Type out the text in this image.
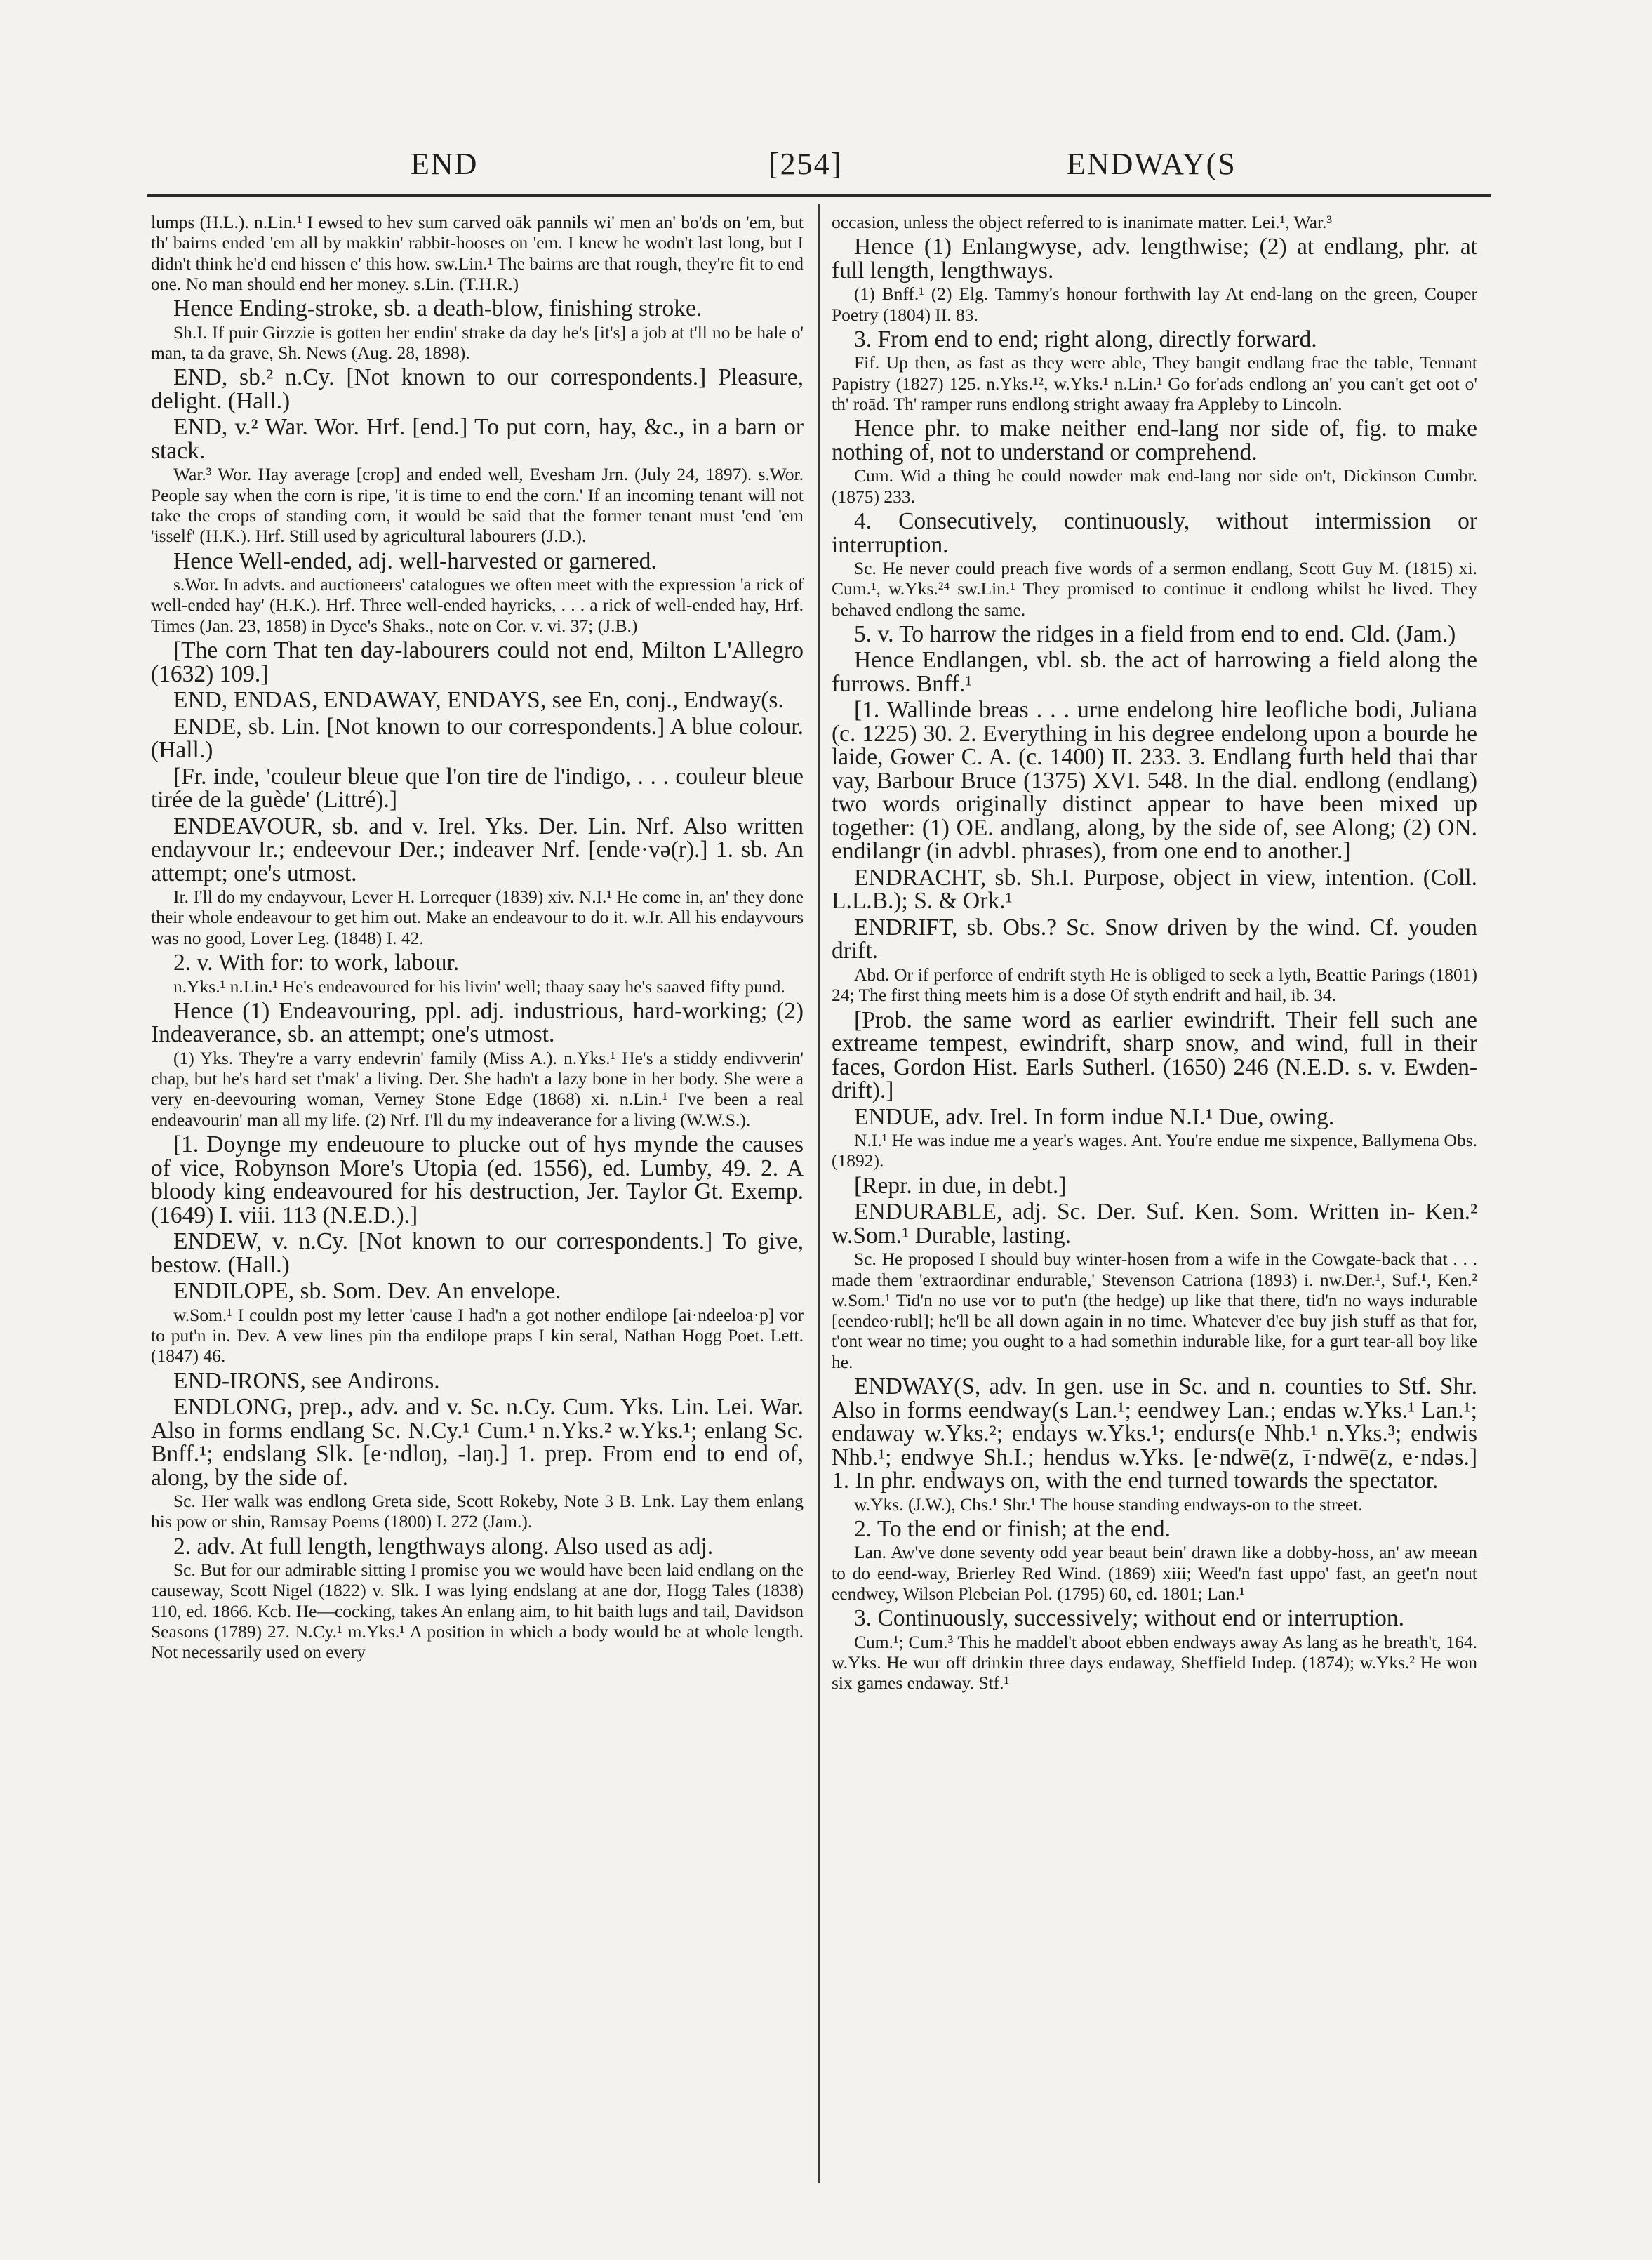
END	[254]	ENDWAY(S

lumps (H.L.). n.Lin.¹ I ewsed to hev sum carved oāk pannils wi' men an' bo'ds on 'em, but th' bairns ended 'em all by makkin' rabbit-hooses on 'em. I knew he wodn't last long, but I didn't think he'd end hissen e' this how. sw.Lin.¹ The bairns are that rough, they're fit to end one. No man should end her money. s.Lin. (T.H.R.)

Hence Ending-stroke, sb. a death-blow, finishing stroke.

Sh.I. If puir Girzzie is gotten her endin' strake da day he's [it's] a job at t'll no be hale o' man, ta da grave, Sh. News (Aug. 28, 1898).

END, sb.² n.Cy. [Not known to our correspondents.] Pleasure, delight. (Hall.)

END, v.² War. Wor. Hrf. [end.] To put corn, hay, &c., in a barn or stack.

War.³ Wor. Hay average [crop] and ended well, Evesham Jrn. (July 24, 1897). s.Wor. People say when the corn is ripe, 'it is time to end the corn.' If an incoming tenant will not take the crops of standing corn, it would be said that the former tenant must 'end 'em 'isself' (H.K.). Hrf. Still used by agricultural labourers (J.D.).

Hence Well-ended, adj. well-harvested or garnered.

s.Wor. In advts. and auctioneers' catalogues we often meet with the expression 'a rick of well-ended hay' (H.K.). Hrf. Three well-ended hayricks, . . . a rick of well-ended hay, Hrf. Times (Jan. 23, 1858) in Dyce's Shaks., note on Cor. v. vi. 37; (J.B.)

[The corn That ten day-labourers could not end, Milton L'Allegro (1632) 109.]

END, ENDAS, ENDAWAY, ENDAYS, see En, conj., Endway(s.

ENDE, sb. Lin. [Not known to our correspondents.] A blue colour. (Hall.)

[Fr. inde, 'couleur bleue que l'on tire de l'indigo, . . . couleur bleue tirée de la guède' (Littré).]

ENDEAVOUR, sb. and v. Irel. Yks. Der. Lin. Nrf. Also written endayvour Ir.; endeevour Der.; indeaver Nrf. [ende·və(r).] 1. sb. An attempt; one's utmost.

Ir. I'll do my endayvour, Lever H. Lorrequer (1839) xiv. N.I.¹ He come in, an' they done their whole endeavour to get him out. Make an endeavour to do it. w.Ir. All his endayvours was no good, Lover Leg. (1848) I. 42.

2. v. With for: to work, labour.

n.Yks.¹ n.Lin.¹ He's endeavoured for his livin' well; thaay saay he's saaved fifty pund.

Hence (1) Endeavouring, ppl. adj. industrious, hard-working; (2) Indeaverance, sb. an attempt; one's utmost.

(1) Yks. They're a varry endevrin' family (Miss A.). n.Yks.¹ He's a stiddy endivverin' chap, but he's hard set t'mak' a living. Der. She hadn't a lazy bone in her body. She were a very en-deevouring woman, Verney Stone Edge (1868) xi. n.Lin.¹ I've been a real endeavourin' man all my life. (2) Nrf. I'll du my indeaverance for a living (W.W.S.).

[1. Doynge my endeuoure to plucke out of hys mynde the causes of vice, Robynson More's Utopia (ed. 1556), ed. Lumby, 49. 2. A bloody king endeavoured for his destruction, Jer. Taylor Gt. Exemp. (1649) I. viii. 113 (N.E.D.).]

ENDEW, v. n.Cy. [Not known to our correspondents.] To give, bestow. (Hall.)

ENDILOPE, sb. Som. Dev. An envelope.

w.Som.¹ I couldn post my letter 'cause I had'n a got nother endilope [ai·ndeeloa·p] vor to put'n in. Dev. A vew lines pin tha endilope praps I kin seral, Nathan Hogg Poet. Lett. (1847) 46.

END-IRONS, see Andirons.

ENDLONG, prep., adv. and v. Sc. n.Cy. Cum. Yks. Lin. Lei. War. Also in forms endlang Sc. N.Cy.¹ Cum.¹ n.Yks.² w.Yks.¹; enlang Sc. Bnff.¹; endslang Slk. [e·ndloŋ, -laŋ.] 1. prep. From end to end of, along, by the side of.

Sc. Her walk was endlong Greta side, Scott Rokeby, Note 3 B. Lnk. Lay them enlang his pow or shin, Ramsay Poems (1800) I. 272 (Jam.).

2. adv. At full length, lengthways along. Also used as adj.

Sc. But for our admirable sitting I promise you we would have been laid endlang on the causeway, Scott Nigel (1822) v. Slk. I was lying endslang at ane dor, Hogg Tales (1838) 110, ed. 1866. Kcb. He—cocking, takes An enlang aim, to hit baith lugs and tail, Davidson Seasons (1789) 27. N.Cy.¹ m.Yks.¹ A position in which a body would be at whole length. Not necessarily used on every

occasion, unless the object referred to is inanimate matter. Lei.¹, War.³

Hence (1) Enlangwyse, adv. lengthwise; (2) at endlang, phr. at full length, lengthways.

(1) Bnff.¹ (2) Elg. Tammy's honour forthwith lay At end-lang on the green, Couper Poetry (1804) II. 83.

3. From end to end; right along, directly forward.

Fif. Up then, as fast as they were able, They bangit endlang frae the table, Tennant Papistry (1827) 125. n.Yks.¹², w.Yks.¹ n.Lin.¹ Go for'ads endlong an' you can't get oot o' th' roād. Th' ramper runs endlong stright awaay fra Appleby to Lincoln.

Hence phr. to make neither end-lang nor side of, fig. to make nothing of, not to understand or comprehend.

Cum. Wid a thing he could nowder mak end-lang nor side on't, Dickinson Cumbr. (1875) 233.

4. Consecutively, continuously, without intermission or interruption.

Sc. He never could preach five words of a sermon endlang, Scott Guy M. (1815) xi. Cum.¹, w.Yks.²⁴ sw.Lin.¹ They promised to continue it endlong whilst he lived. They behaved endlong the same.

5. v. To harrow the ridges in a field from end to end. Cld. (Jam.)

Hence Endlangen, vbl. sb. the act of harrowing a field along the furrows. Bnff.¹

[1. Wallinde breas . . . urne endelong hire leofliche bodi, Juliana (c. 1225) 30. 2. Everything in his degree endelong upon a bourde he laide, Gower C. A. (c. 1400) II. 233. 3. Endlang furth held thai thar vay, Barbour Bruce (1375) XVI. 548. In the dial. endlong (endlang) two words originally distinct appear to have been mixed up together: (1) OE. andlang, along, by the side of, see Along; (2) ON. endilangr (in advbl. phrases), from one end to another.]

ENDRACHT, sb. Sh.I. Purpose, object in view, intention. (Coll. L.L.B.); S. & Ork.¹

ENDRIFT, sb. Obs.? Sc. Snow driven by the wind. Cf. youden drift.

Abd. Or if perforce of endrift styth He is obliged to seek a lyth, Beattie Parings (1801) 24; The first thing meets him is a dose Of styth endrift and hail, ib. 34.

[Prob. the same word as earlier ewindrift. Their fell such ane extreame tempest, ewindrift, sharp snow, and wind, full in their faces, Gordon Hist. Earls Sutherl. (1650) 246 (N.E.D. s. v. Ewden-drift).]

ENDUE, adv. Irel. In form indue N.I.¹ Due, owing.

N.I.¹ He was indue me a year's wages. Ant. You're endue me sixpence, Ballymena Obs. (1892).

[Repr. in due, in debt.]

ENDURABLE, adj. Sc. Der. Suf. Ken. Som. Written in- Ken.² w.Som.¹ Durable, lasting.

Sc. He proposed I should buy winter-hosen from a wife in the Cowgate-back that . . . made them 'extraordinar endurable,' Stevenson Catriona (1893) i. nw.Der.¹, Suf.¹, Ken.² w.Som.¹ Tid'n no use vor to put'n (the hedge) up like that there, tid'n no ways indurable [eendeo·rubl]; he'll be all down again in no time. Whatever d'ee buy jish stuff as that for, t'ont wear no time; you ought to a had somethin indurable like, for a gurt tear-all boy like he.

ENDWAY(S, adv. In gen. use in Sc. and n. counties to Stf. Shr. Also in forms eendway(s Lan.¹; eendwey Lan.; endas w.Yks.¹ Lan.¹; endaway w.Yks.²; endays w.Yks.¹; endurs(e Nhb.¹ n.Yks.³; endwis Nhb.¹; endwye Sh.I.; hendus w.Yks. [e·ndwē(z, ī·ndwē(z, e·ndəs.] 1. In phr. endways on, with the end turned towards the spectator.

w.Yks. (J.W.), Chs.¹ Shr.¹ The house standing endways-on to the street.

2. To the end or finish; at the end.

Lan. Aw've done seventy odd year beaut bein' drawn like a dobby-hoss, an' aw meean to do eend-way, Brierley Red Wind. (1869) xiii; Weed'n fast uppo' fast, an geet'n nout eendwey, Wilson Plebeian Pol. (1795) 60, ed. 1801; Lan.¹

3. Continuously, successively; without end or interruption.

Cum.¹; Cum.³ This he maddel't aboot ebben endways away As lang as he breath't, 164. w.Yks. He wur off drinkin three days endaway, Sheffield Indep. (1874); w.Yks.² He won six games endaway. Stf.¹
